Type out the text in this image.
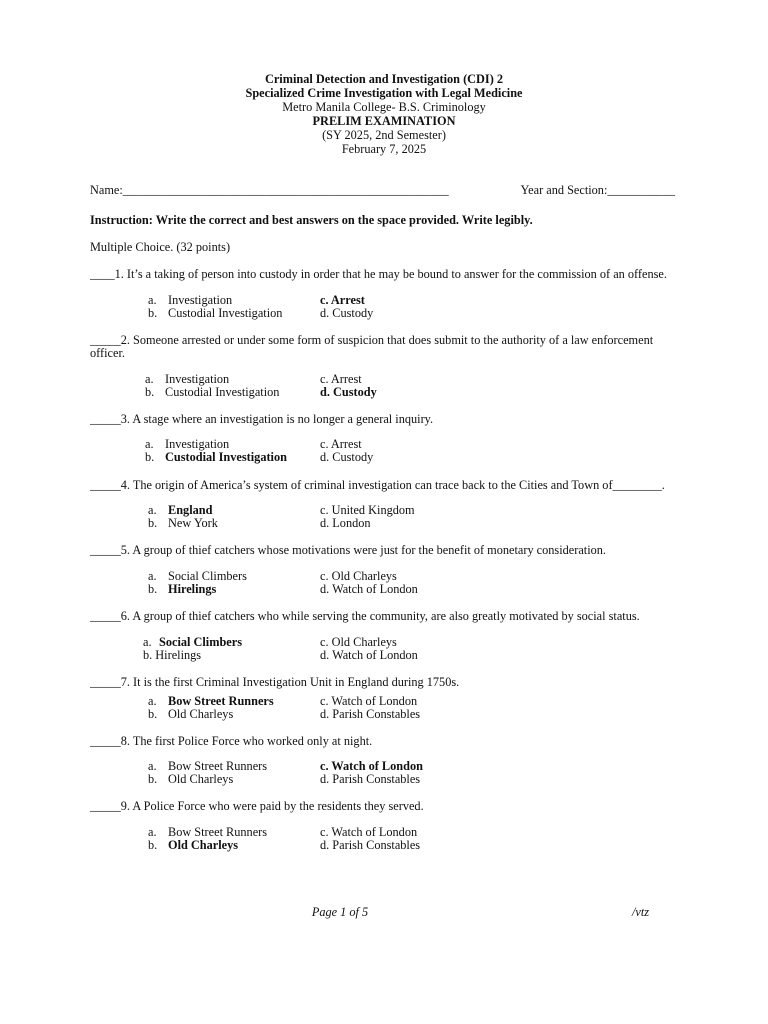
Criminal Detection and Investigation (CDI) 2
Specialized Crime Investigation with Legal Medicine
Metro Manila College- B.S. Criminology
PRELIM EXAMINATION
(SY 2025, 2nd Semester)
February 7, 2025
Name:_____________________________________________________	Year and Section:___________
Instruction: Write the correct and best answers on the space provided. Write legibly.
Multiple Choice. (32 points)
____1. It’s a taking of person into custody in order that he may be bound to answer for the commission of an offense.
a. Investigation
b. Custodial Investigation
c. Arrest
d. Custody
_____2. Someone arrested or under some form of suspicion that does submit to the authority of a law enforcement officer.
a. Investigation
b. Custodial Investigation
c. Arrest
d. Custody
_____3. A stage where an investigation is no longer a general inquiry.
a. Investigation
b. Custodial Investigation
c. Arrest
d. Custody
_____4. The origin of America’s system of criminal investigation can trace back to the Cities and Town of________.
a. England
b. New York
c. United Kingdom
d. London
_____5. A group of thief catchers whose motivations were just for the benefit of monetary consideration.
a. Social Climbers
b. Hirelings
c. Old Charleys
d. Watch of London
_____6. A group of thief catchers who while serving the community, are also greatly motivated by social status.
a. Social Climbers
b. Hirelings
c. Old Charleys
d. Watch of London
_____7. It is the first Criminal Investigation Unit in England during 1750s.
a. Bow Street Runners
b. Old Charleys
c. Watch of London
d. Parish Constables
_____8. The first Police Force who worked only at night.
a. Bow Street Runners
b. Old Charleys
c. Watch of London
d. Parish Constables
_____9. A Police Force who were paid by the residents they served.
a. Bow Street Runners
b. Old Charleys
c. Watch of London
d. Parish Constables
Page 1 of 5	/vtz
